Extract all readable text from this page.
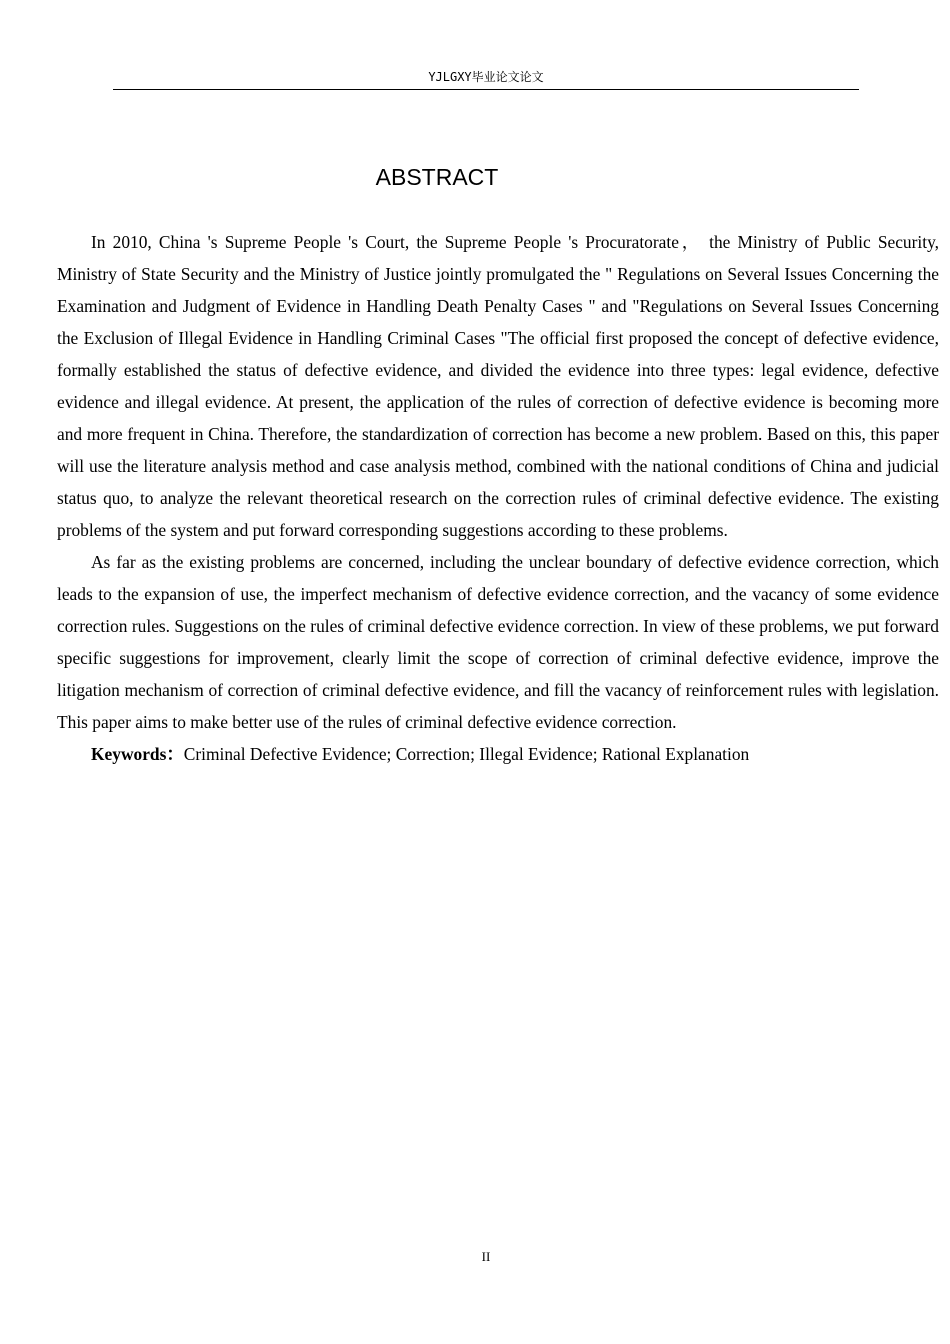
YJLGXY毕业论文论文
ABSTRACT

In 2010, China 's Supreme People 's Court, the Supreme People 's Procuratorate， the Ministry of Public Security, Ministry of State Security and the Ministry of Justice jointly promulgated the " Regulations on Several Issues Concerning the Examination and Judgment of Evidence in Handling Death Penalty Cases " and "Regulations on Several Issues Concerning the Exclusion of Illegal Evidence in Handling Criminal Cases "The official first proposed the concept of defective evidence, formally established the status of defective evidence, and divided the evidence into three types: legal evidence, defective evidence and illegal evidence. At present, the application of the rules of correction of defective evidence is becoming more and more frequent in China. Therefore, the standardization of correction has become a new problem. Based on this, this paper will use the literature analysis method and case analysis method, combined with the national conditions of China and judicial status quo, to analyze the relevant theoretical research on the correction rules of criminal defective evidence. The existing problems of the system and put forward corresponding suggestions according to these problems.

As far as the existing problems are concerned, including the unclear boundary of defective evidence correction, which leads to the expansion of use, the imperfect mechanism of defective evidence correction, and the vacancy of some evidence correction rules. Suggestions on the rules of criminal defective evidence correction. In view of these problems, we put forward specific suggestions for improvement, clearly limit the scope of correction of criminal defective evidence, improve the litigation mechanism of correction of criminal defective evidence, and fill the vacancy of reinforcement rules with legislation. This paper aims to make better use of the rules of criminal defective evidence correction.

Keywords：Criminal Defective Evidence; Correction; Illegal Evidence; Rational Explanation

II
